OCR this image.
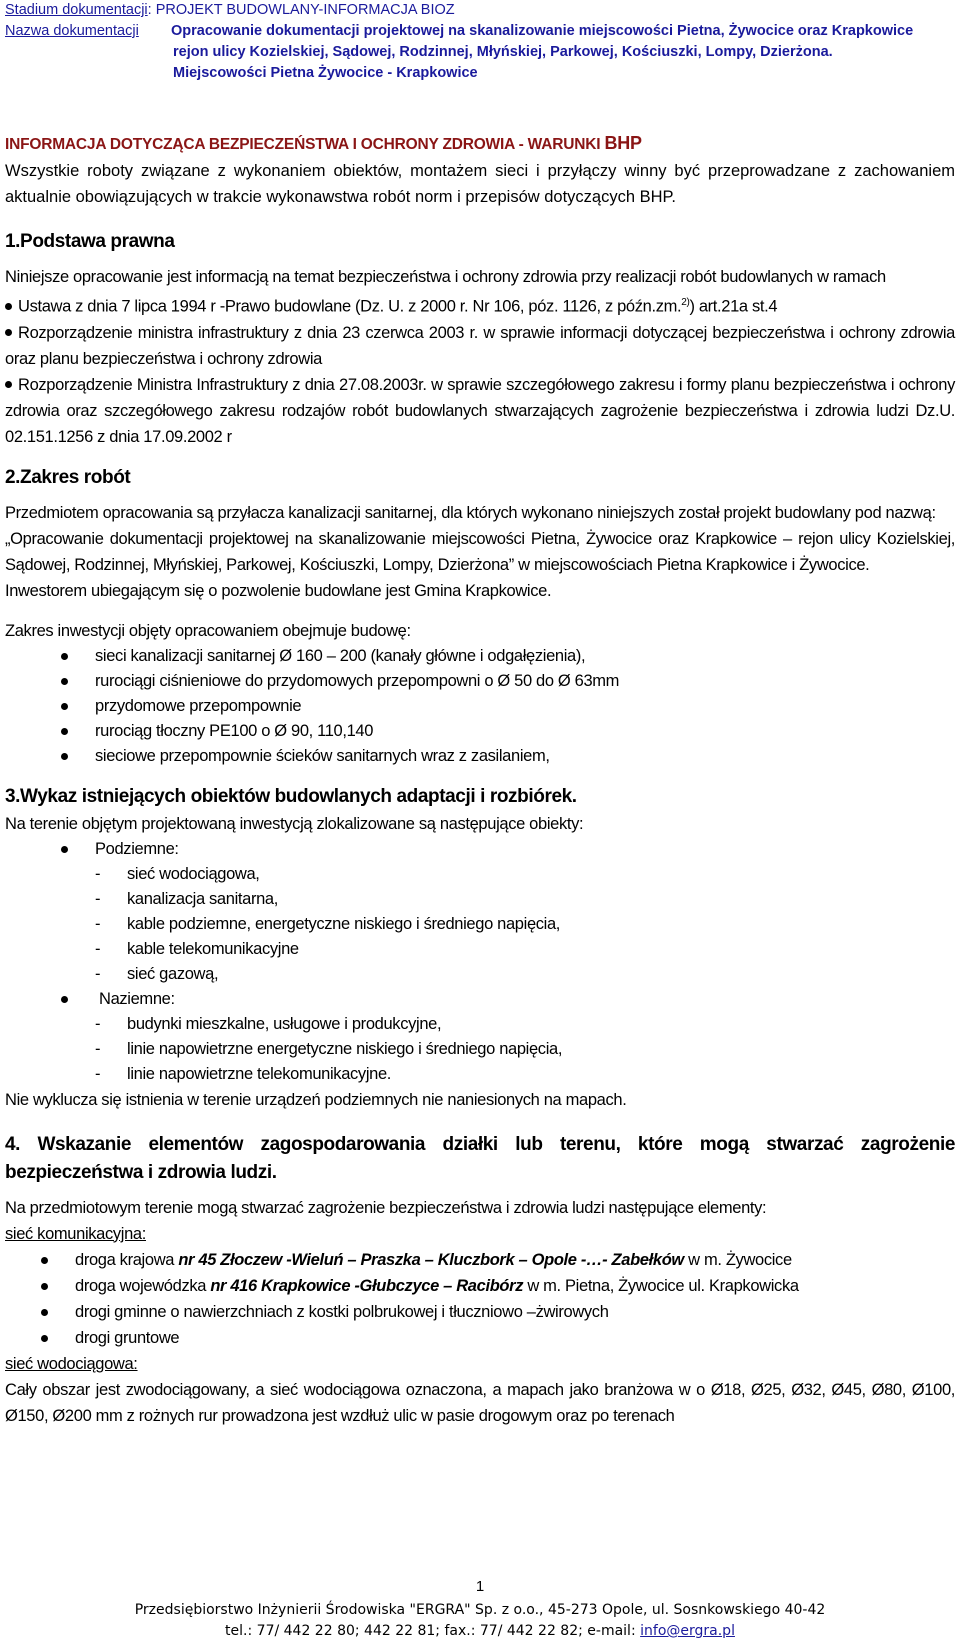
Stadium dokumentacji: PROJEKT BUDOWLANY-INFORMACJA BIOZ
Nazwa dokumentacji Opracowanie dokumentacji projektowej na skanalizowanie miejscowości Pietna, Żywocice oraz Krapkowice
rejon ulicy Kozielskiej, Sądowej, Rodzinnej, Młyńskiej, Parkowej, Kościuszki, Lompy, Dzierżona.
Miejscowości Pietna Żywocice - Krapkowice
INFORMACJA DOTYCZĄCA BEZPIECZEŃSTWA I OCHRONY ZDROWIA - WARUNKI BHP
Wszystkie roboty związane z wykonaniem obiektów, montażem sieci i przyłączy winny być przeprowadzane z zachowaniem aktualnie obowiązujących w trakcie wykonawstwa robót norm i przepisów dotyczących BHP.
1.Podstawa prawna
Niniejsze opracowanie jest informacją na temat bezpieczeństwa i ochrony zdrowia przy realizacji robót budowlanych w ramach
Ustawa z dnia 7 lipca 1994 r -Prawo budowlane (Dz. U. z 2000 r. Nr 106, póz. 1126, z późn.zm.$^{2)}$) art.21a st.4
Rozporządzenie ministra infrastruktury z dnia 23 czerwca 2003 r. w sprawie informacji dotyczącej bezpieczeństwa i ochrony zdrowia oraz planu bezpieczeństwa i ochrony zdrowia
Rozporządzenie Ministra Infrastruktury z dnia 27.08.2003r. w sprawie szczegółowego zakresu i formy planu bezpieczeństwa i ochrony zdrowia oraz szczegółowego zakresu rodzajów robót budowlanych stwarzających zagrożenie bezpieczeństwa i zdrowia ludzi Dz.U. 02.151.1256 z dnia 17.09.2002 r
2.Zakres robót
Przedmiotem opracowania są przyłacza kanalizacji sanitarnej, dla których wykonano niniejszych został projekt budowlany pod nazwą:
„Opracowanie dokumentacji projektowej na skanalizowanie miejscowości Pietna, Żywocice oraz Krapkowice – rejon ulicy Kozielskiej, Sądowej, Rodzinnej, Młyńskiej, Parkowej, Kościuszki, Lompy, Dzierżona” w miejscowościach Pietna Krapkowice i Żywocice.
Inwestorem ubiegającym się o pozwolenie budowlane jest Gmina Krapkowice.
Zakres inwestycji objęty opracowaniem obejmuje budowę:
sieci kanalizacji sanitarnej Ø 160 – 200 (kanały główne i odgałęzienia),
rurociągi ciśnieniowe do przydomowych przepompowni o Ø 50 do Ø 63mm
przydomowe przepompownie
rurociąg tłoczny PE100 o Ø 90, 110,140
sieciowe przepompownie ścieków sanitarnych wraz z zasilaniem,
3.Wykaz istniejących obiektów budowlanych adaptacji i rozbiórek.
Na terenie objętym projektowaną inwestycją zlokalizowane są następujące obiekty:
Podziemne:
- sieć wodociągowa,
- kanalizacja sanitarna,
- kable podziemne, energetyczne niskiego i średniego napięcia,
- kable telekomunikacyjne
- sieć gazową,
Naziemne:
- budynki mieszkalne, usługowe i produkcyjne,
- linie napowietrzne energetyczne niskiego i średniego napięcia,
- linie napowietrzne telekomunikacyjne.
Nie wyklucza się istnienia w terenie urządzeń podziemnych nie naniesionych na mapach.
4. Wskazanie elementów zagospodarowania działki lub terenu, które mogą stwarzać zagrożenie bezpieczeństwa i zdrowia ludzi.
Na przedmiotowym terenie mogą stwarzać zagrożenie bezpieczeństwa i zdrowia ludzi następujące elementy:
sieć komunikacyjna:
droga krajowa nr 45 Złoczew -Wieluń – Praszka – Kluczbork – Opole -…- Zabełków w m. Żywocice
droga wojewódzka nr 416 Krapkowice -Głubczyce – Racibórz w m. Pietna, Żywocice ul. Krapkowicka
drogi gminne o nawierzchniach z kostki polbrukowej i tłuczniowo –żwirowych
drogi gruntowe
sieć wodociągowa:
Cały obszar jest zwodociągowany, a sieć wodociągowa oznaczona, a mapach jako branżowa w o Ø18, Ø25, Ø32, Ø45, Ø80, Ø100, Ø150, Ø200 mm z rożnych rur prowadzona jest wzdłuż ulic w pasie drogowym oraz po terenach
1
Przedsiębiorstwo Inżynierii Środowiska "ERGRA" Sp. z o.o., 45-273 Opole, ul. Sosnkowskiego 40-42
tel.: 77/ 442 22 80; 442 22 81; fax.: 77/ 442 22 82; e-mail: info@ergra.pl
